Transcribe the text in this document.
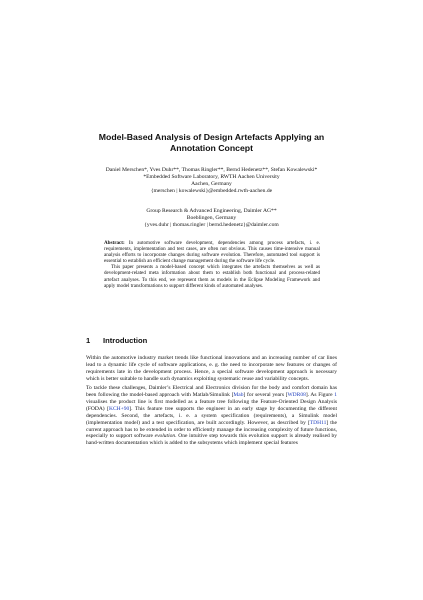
Model-Based Analysis of Design Artefacts Applying an
Annotation Concept
Daniel Merschen*, Yves Duhr**, Thomas Ringler**, Bernd Hedenetz**, Stefan Kowalewski*
*Embedded Software Laboratory, RWTH Aachen University
Aachen, Germany
{merschen | kowalewski}@embedded.rwth-aachen.de
Group Research & Advanced Engineering, Daimler AG**
Boeblingen, Germany
{yves.duhr | thomas.ringler | bernd.hedenetz}@daimler.com

Abstract: In automotive software development, dependencies among process artefacts, i. e. requirements, implementation and test cases, are often not obvious. This causes time-intensive manual analysis efforts to incorporate changes during software evolution. Therefore, automated tool support is essential to establish an efficient change management during the software life cycle.

This paper presents a model-based concept which integrates the artefacts themselves as well as development-related meta information about them to establish both functional and process-related artefact analyses. To this end, we represent them as models in the Eclipse Modeling Framework and apply model transformations to support different kinds of automated analyses.

1 Introduction

Within the automotive industry market trends like functional innovations and an increasing number of car lines lead to a dynamic life cycle of software applications, e. g. the need to incorporate new features or changes of requirements late in the development process. Hence, a special software development approach is necessary which is better suitable to handle such dynamics exploiting systematic reuse and variability concepts.

To tackle these challenges, Daimler’s Electrical and Electronics division for the body and comfort domain has been following the model-based approach with Matlab/Simulink [Mab] for several years [WDR08]. As Figure 1 visualises the product line is first modelled as a feature tree following the Feature-Oriented Design Analysis (FODA) [KCH+90]. This feature tree supports the engineer in an early stage by documenting the different dependencies. Second, the artefacts, i. e. a system specification (requirements), a Simulink model (implementation model) and a test specification, are built accordingly. However, as described by [TDH11] the current approach has to be extended in order to efficiently manage the increasing complexity of future functions, especially to support software evolution. One intuitive step towards this evolution support is already realised by hand-written documentation which is added to the subsystems which implement special features
